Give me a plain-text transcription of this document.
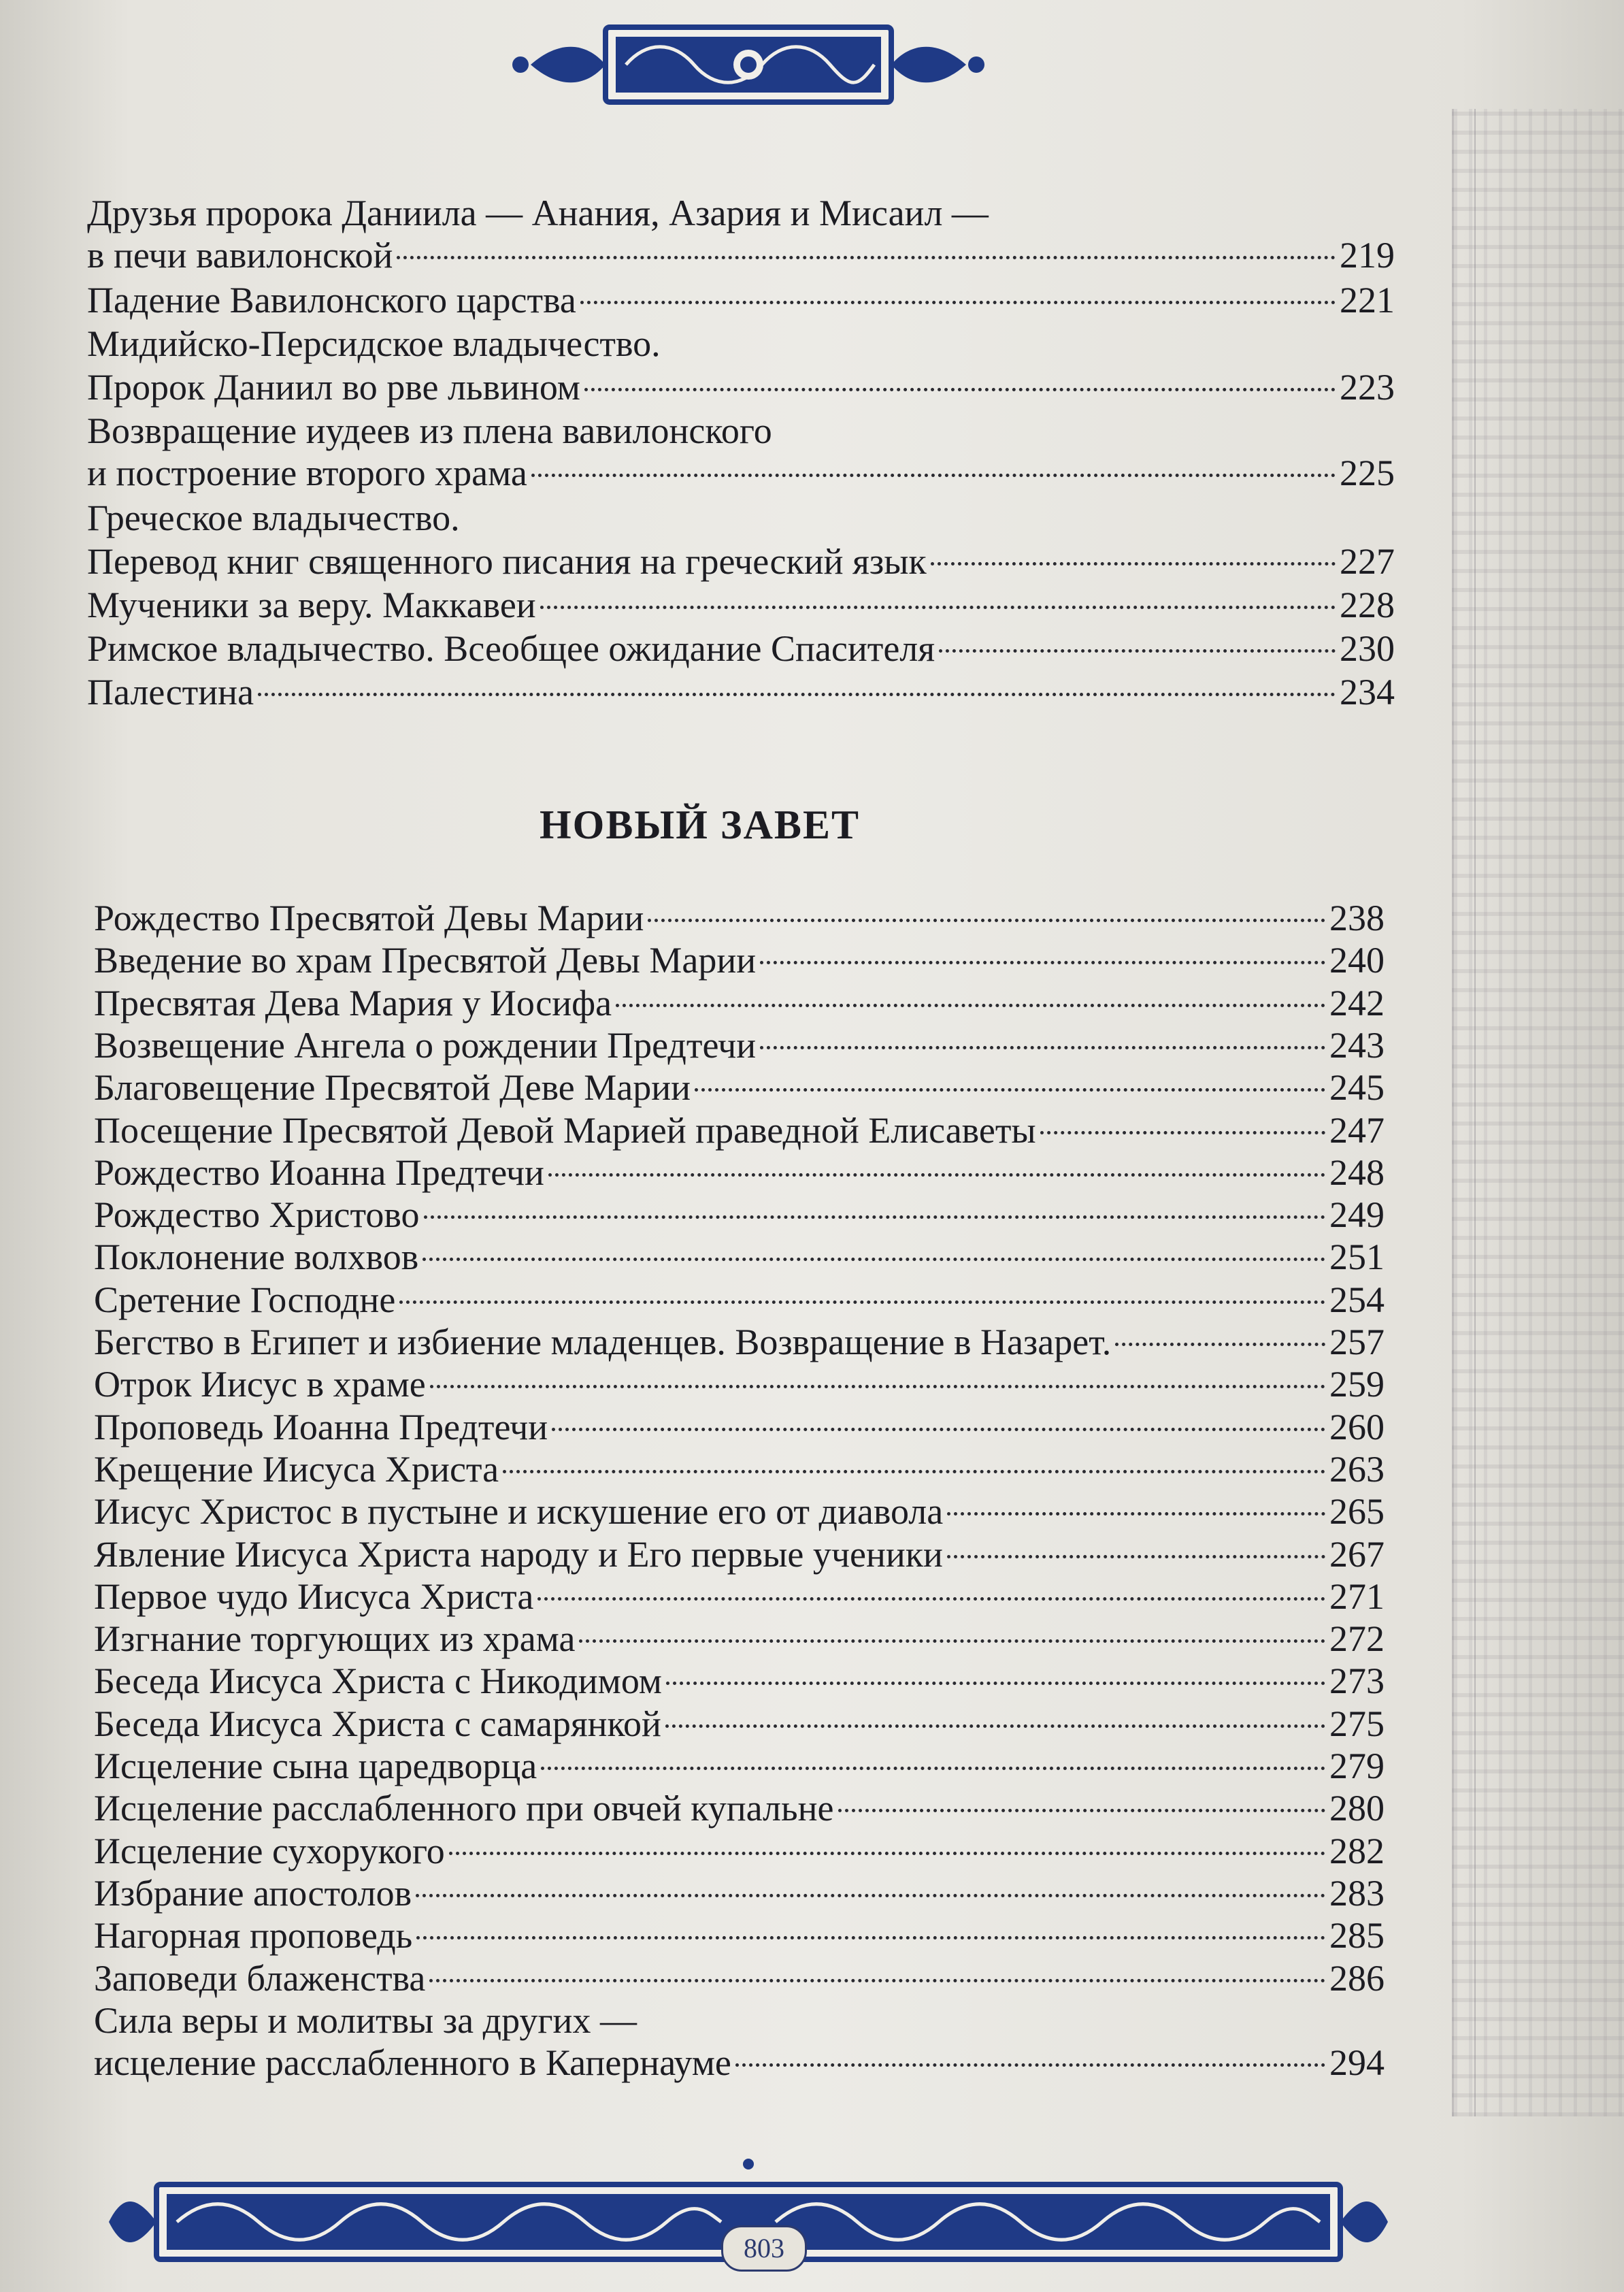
803
НОВЫЙ ЗАВЕТ
Друзья пророка Даниила — Анания, Азария и Мисаил —
в печи вавилонской	219
Падение Вавилонского царства	221
Мидийско-Персидское владычество.
Пророк Даниил во рве львином	223
Возвращение иудеев из плена вавилонского
и построение второго храма	225
Греческое владычество.
Перевод книг священного писания на греческий язык	227
Мученики за веру. Маккавеи	228
Римское владычество. Всеобщее ожидание Спасителя	230
Палестина	234
Рождество Пресвятой Девы Марии	238
Введение во храм Пресвятой Девы Марии	240
Пресвятая Дева Мария у Иосифа	242
Возвещение Ангела о рождении Предтечи	243
Благовещение Пресвятой Деве Марии	245
Посещение Пресвятой Девой Марией праведной Елисаветы	247
Рождество Иоанна Предтечи	248
Рождество Христово	249
Поклонение волхвов	251
Сретение Господне	254
Бегство в Египет и избиение младенцев. Возвращение в Назарет.	257
Отрок Иисус в храме	259
Проповедь Иоанна Предтечи	260
Крещение Иисуса Христа	263
Иисус Христос в пустыне и искушение его от диавола	265
Явление Иисуса Христа народу и Его первые ученики	267
Первое чудо Иисуса Христа	271
Изгнание торгующих из храма	272
Беседа Иисуса Христа с Никодимом	273
Беседа Иисуса Христа с самарянкой	275
Исцеление сына царедворца	279
Исцеление расслабленного при овчей купальне	280
Исцеление сухорукого	282
Избрание апостолов	283
Нагорная проповедь	285
Заповеди блаженства	286
Сила веры и молитвы за других —
исцеление расслабленного в Капернауме	294
